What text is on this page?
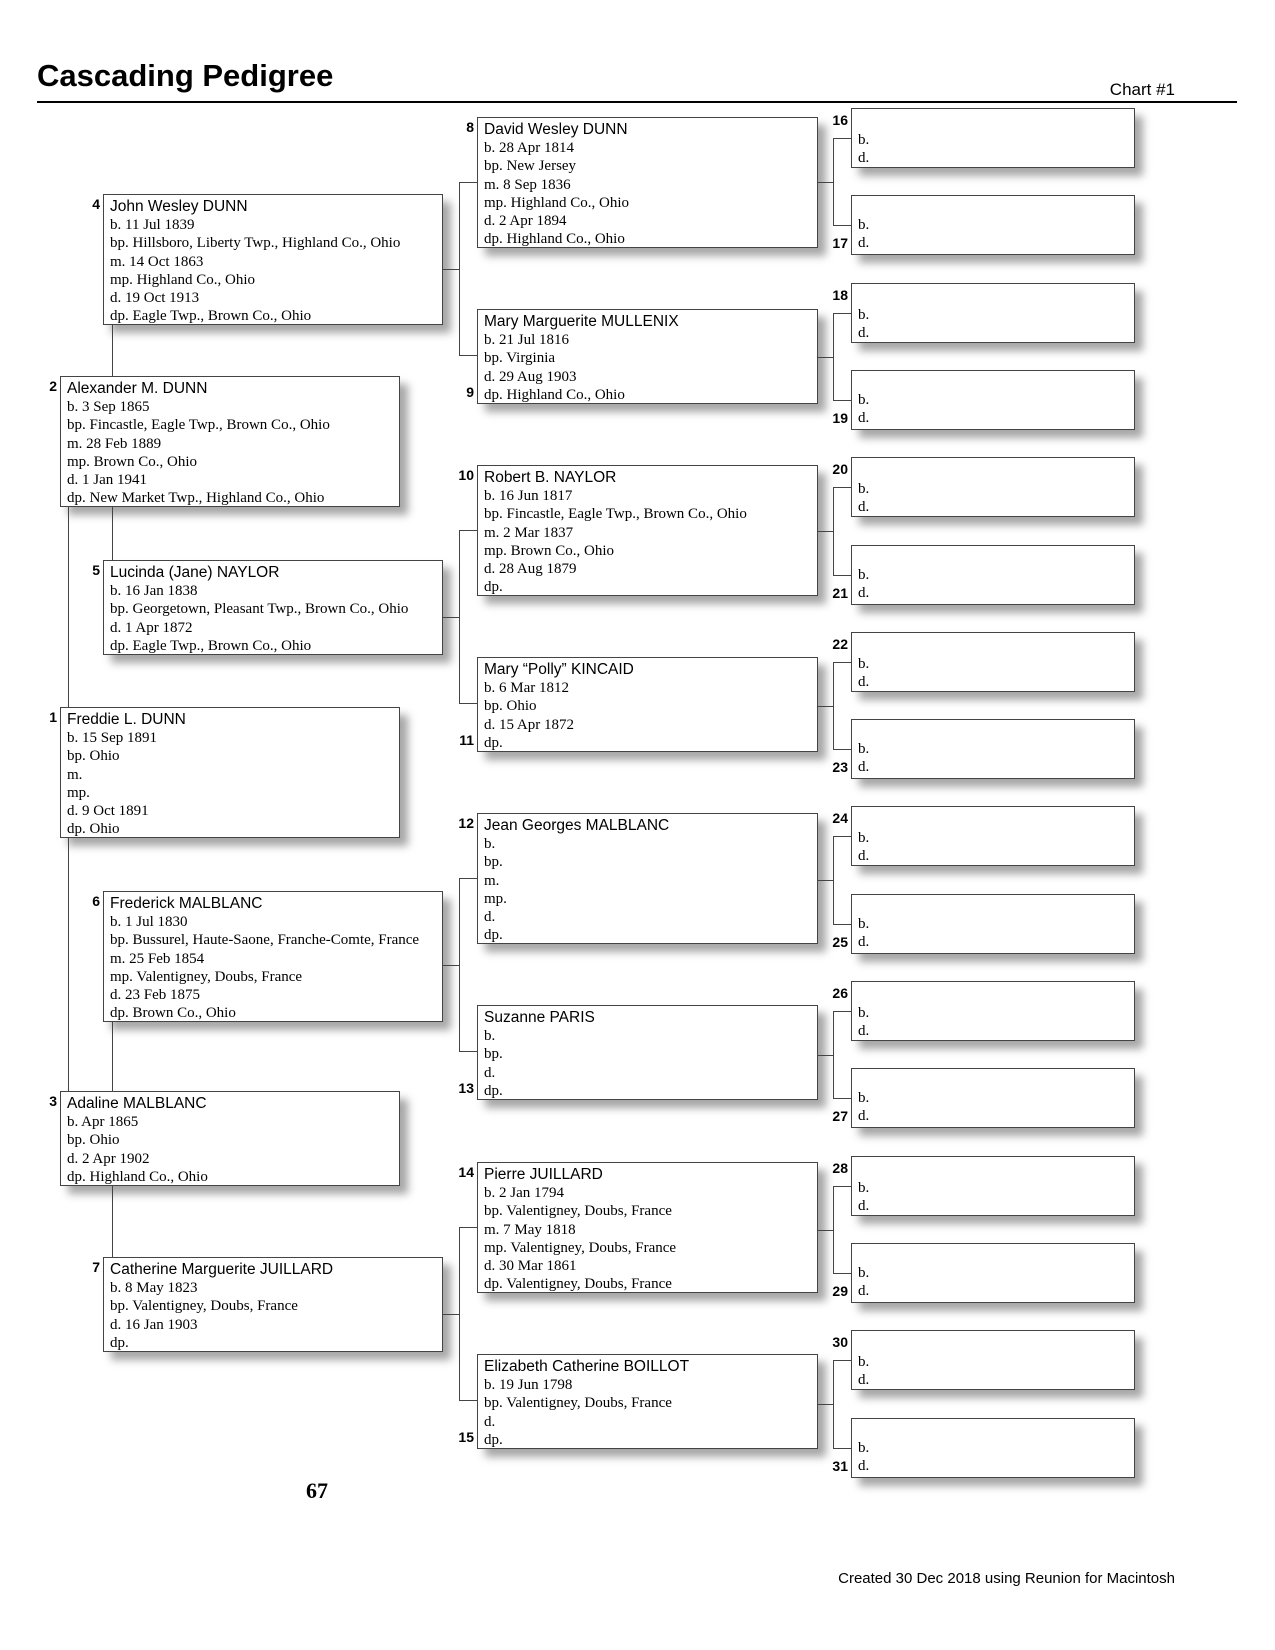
Cascading Pedigree	Chart #1
Freddie L. DUNN
b. 15 Sep 1891
bp. Ohio
m.
mp.
d. 9 Oct 1891
dp. Ohio
1
Alexander M. DUNN
b. 3 Sep 1865
bp. Fincastle, Eagle Twp., Brown Co., Ohio
m. 28 Feb 1889
mp. Brown Co., Ohio
d. 1 Jan 1941
dp. New Market Twp., Highland Co., Ohio
2
Adaline MALBLANC
b. Apr 1865
bp. Ohio
d. 2 Apr 1902
dp. Highland Co., Ohio
3
John Wesley DUNN
b. 11 Jul 1839
bp. Hillsboro, Liberty Twp., Highland Co., Ohio
m. 14 Oct 1863
mp. Highland Co., Ohio
d. 19 Oct 1913
dp. Eagle Twp., Brown Co., Ohio
4
Lucinda (Jane) NAYLOR
b. 16 Jan 1838
bp. Georgetown, Pleasant Twp., Brown Co., Ohio
d. 1 Apr 1872
dp. Eagle Twp., Brown Co., Ohio
5
Frederick MALBLANC
b. 1 Jul 1830
bp. Bussurel, Haute-Saone, Franche-Comte, France
m. 25 Feb 1854
mp. Valentigney, Doubs, France
d. 23 Feb 1875
dp. Brown Co., Ohio
6
Catherine Marguerite JUILLARD
b. 8 May 1823
bp. Valentigney, Doubs, France
d. 16 Jan 1903
dp.
7
David Wesley DUNN
b. 28 Apr 1814
bp. New Jersey
m. 8 Sep 1836
mp. Highland Co., Ohio
d. 2 Apr 1894
dp. Highland Co., Ohio
8
Mary Marguerite MULLENIX
b. 21 Jul 1816
bp. Virginia
d. 29 Aug 1903
dp. Highland Co., Ohio
9
Robert B. NAYLOR
b. 16 Jun 1817
bp. Fincastle, Eagle Twp., Brown Co., Ohio
m. 2 Mar 1837
mp. Brown Co., Ohio
d. 28 Aug 1879
dp.
10
Mary “Polly” KINCAID
b. 6 Mar 1812
bp. Ohio
d. 15 Apr 1872
dp.
11
Jean Georges MALBLANC
b.
bp.
m.
mp.
d.
dp.
12
Suzanne PARIS
b.
bp.
d.
dp.
13
Pierre JUILLARD
b. 2 Jan 1794
bp. Valentigney, Doubs, France
m. 7 May 1818
mp. Valentigney, Doubs, France
d. 30 Mar 1861
dp. Valentigney, Doubs, France
14
Elizabeth Catherine BOILLOT
b. 19 Jun 1798
bp. Valentigney, Doubs, France
d.
dp.
15
b.
d.
16
b.
d.
17
b.
d.
18
b.
d.
19
b.
d.
20
b.
d.
21
b.
d.
22
b.
d.
23
b.
d.
24
b.
d.
25
b.
d.
26
b.
d.
27
b.
d.
28
b.
d.
29
b.
d.
30
b.
d.
31
67
Created 30 Dec 2018 using Reunion for Macintosh
